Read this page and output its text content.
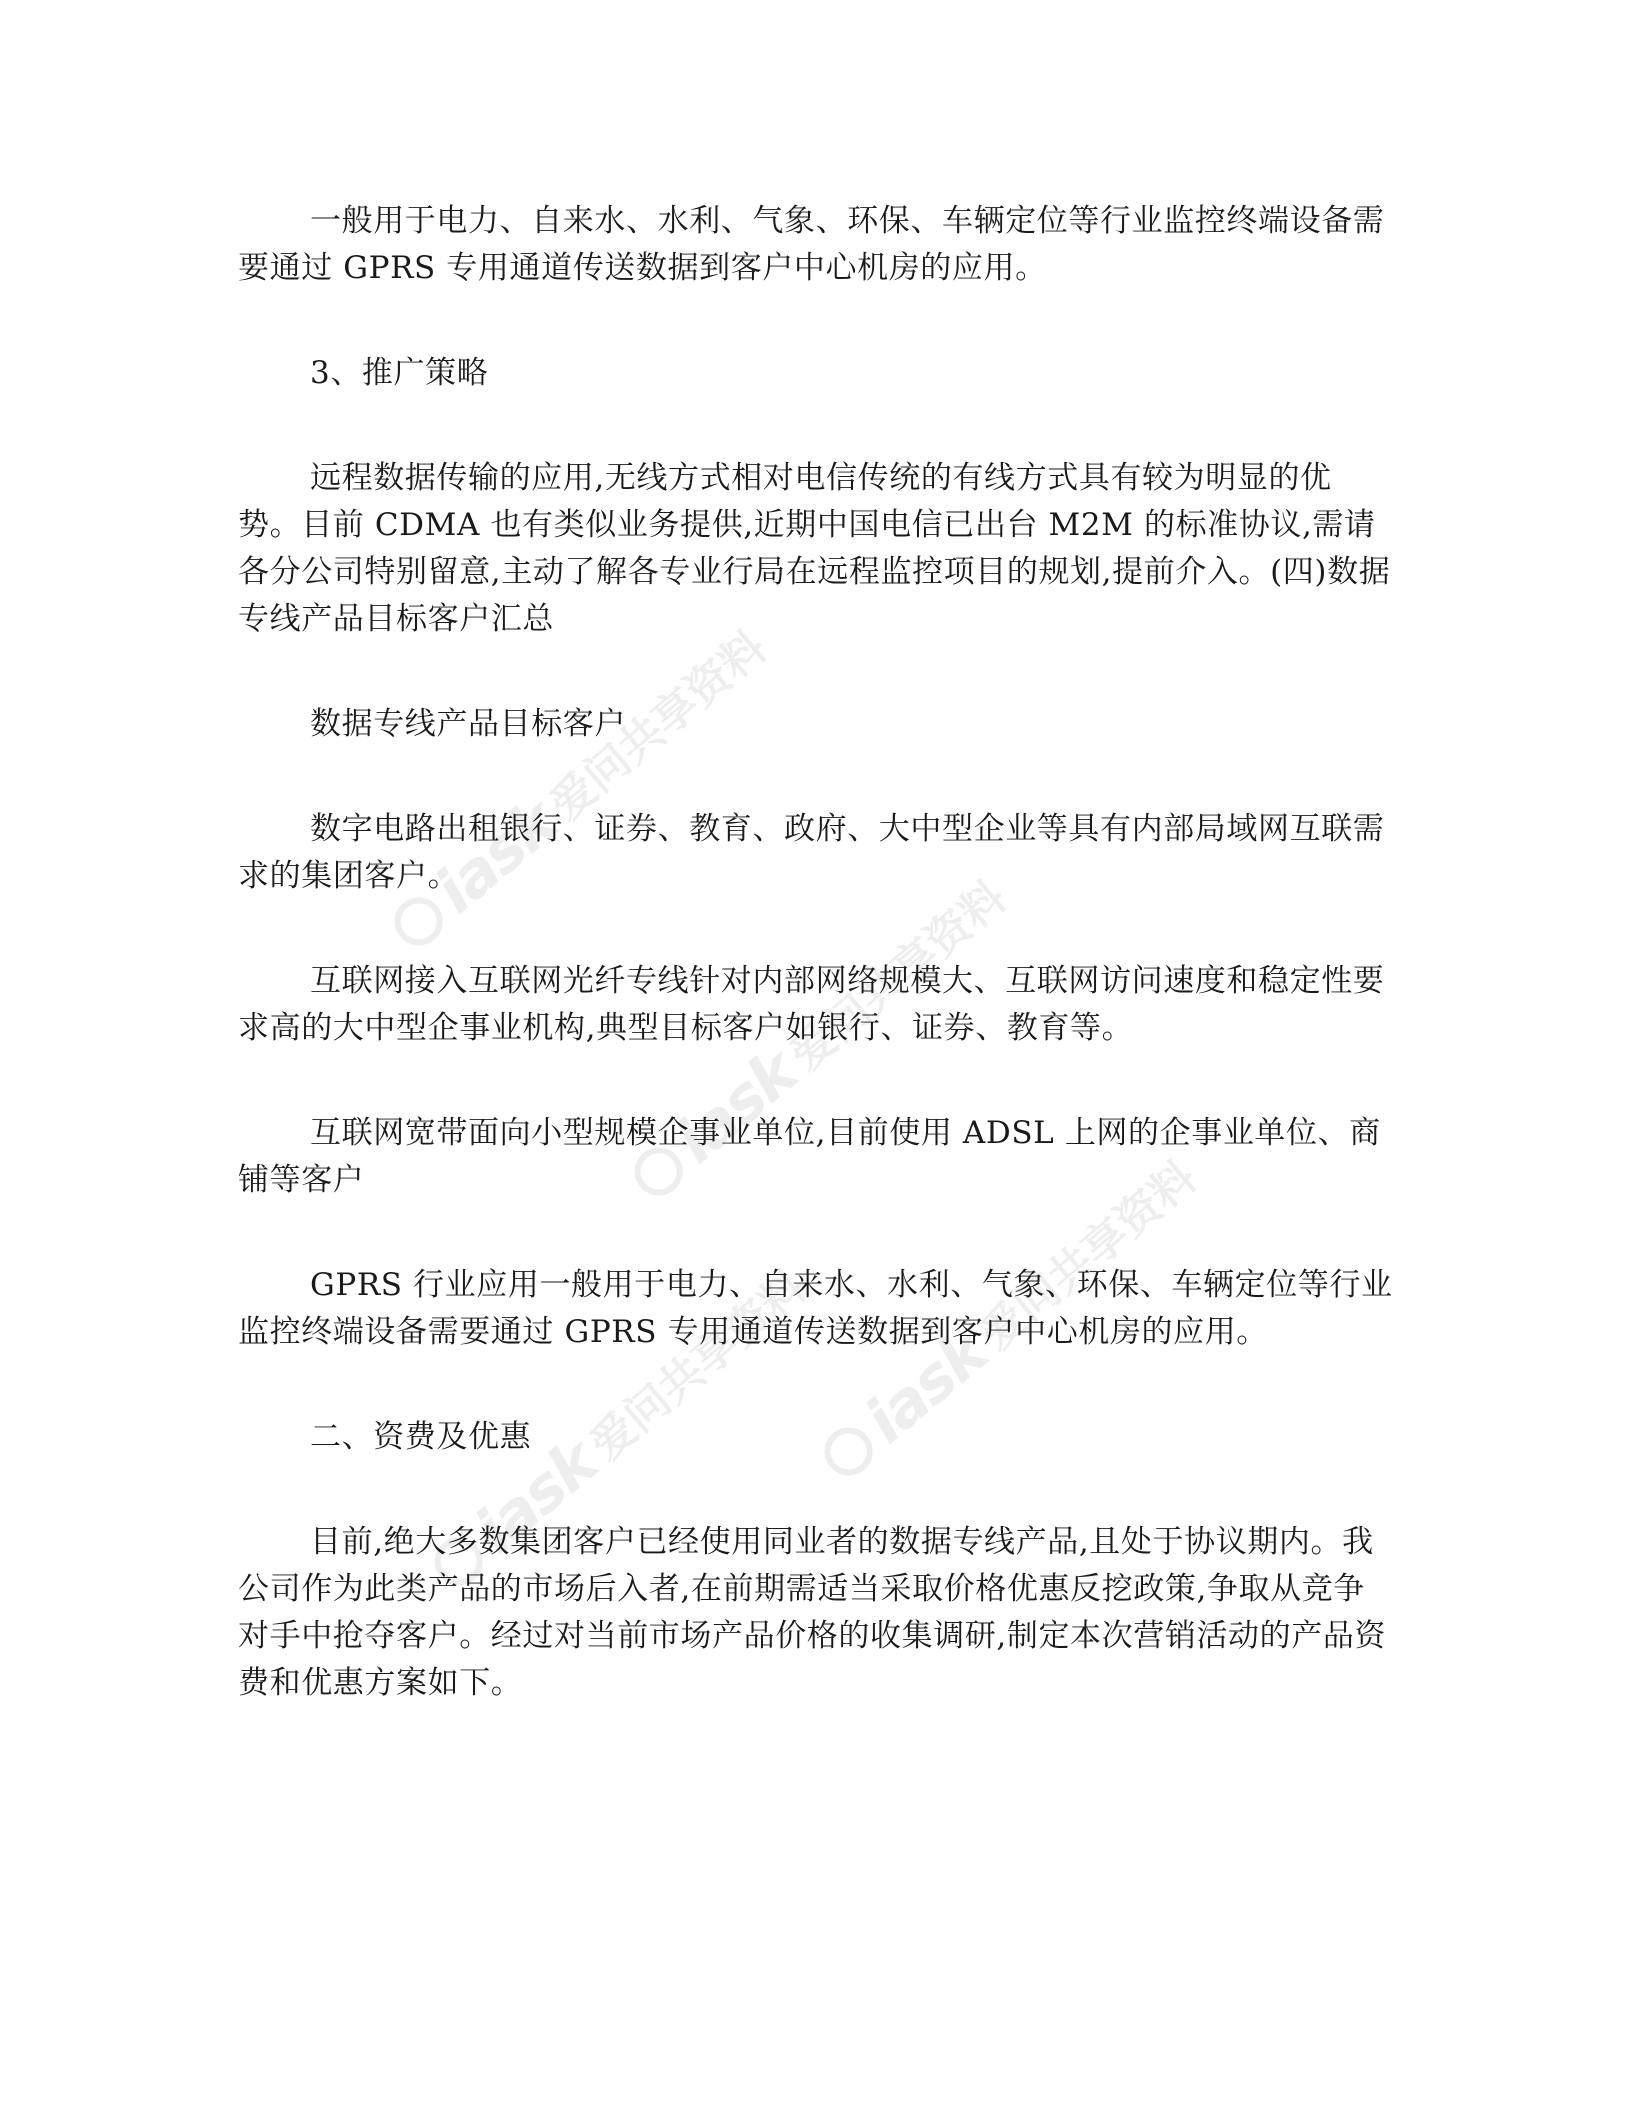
iask
爱问共享资料
iask
爱问共享资料
iask
爱问共享资料 iask
爱问共享资料

一般用于电力、自来水、水利、气象、环保、车辆定位等行业监控终端设备需要通过 GPRS 专用通道传送数据到客户中心机房的应用。

3、推广策略

远程数据传输的应用,无线方式相对电信传统的有线方式具有较为明显的优势。目前 CDMA 也有类似业务提供,近期中国电信已出台 M2M 的标准协议,需请各分公司特别留意,主动了解各专业行局在远程监控项目的规划,提前介入。(四)数据专线产品目标客户汇总

数据专线产品目标客户

数字电路出租银行、证券、教育、政府、大中型企业等具有内部局域网互联需求的集团客户。

互联网接入互联网光纤专线针对内部网络规模大、互联网访问速度和稳定性要求高的大中型企事业机构,典型目标客户如银行、证券、教育等。

互联网宽带面向小型规模企事业单位,目前使用 ADSL 上网的企事业单位、商铺等客户

GPRS 行业应用一般用于电力、自来水、水利、气象、环保、车辆定位等行业监控终端设备需要通过 GPRS 专用通道传送数据到客户中心机房的应用。

二、资费及优惠

目前,绝大多数集团客户已经使用同业者的数据专线产品,且处于协议期内。我公司作为此类产品的市场后入者,在前期需适当采取价格优惠反挖政策,争取从竞争对手中抢夺客户。经过对当前市场产品价格的收集调研,制定本次营销活动的产品资费和优惠方案如下。
